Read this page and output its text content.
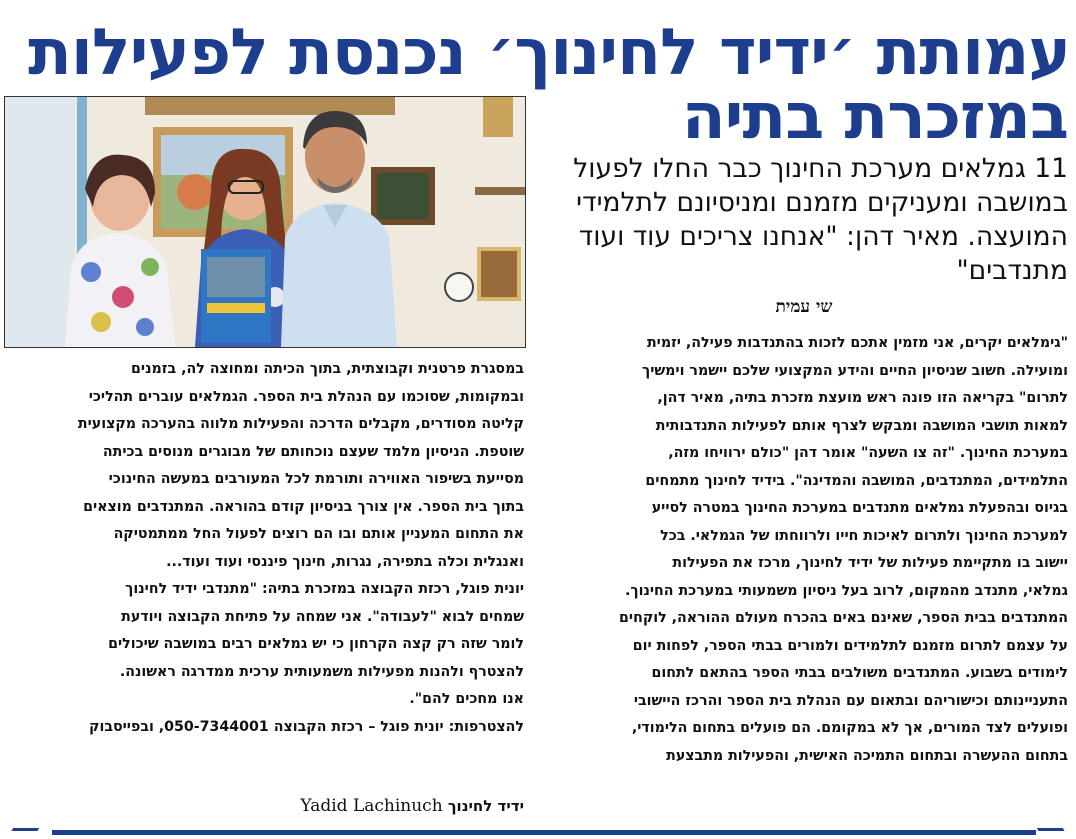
עמותת ׳ידיד לחינוך׳ נכנסת לפעילות
במזכרת בתיה
11 גמלאים מערכת החינוך כבר החלו לפעול
במושבה ומעניקים מזמנם ומניסיונם לתלמידי
המועצה. מאיר דהן: "אנחנו צריכים עוד ועוד
מתנדבים"
שי עמית
"גימלאים יקרים, אני מזמין אתכם לזכות בהתנדבות פעילה, יזמית
ומועילה. חשוב שניסיון החיים והידע המקצועי שלכם יישמר וימשיך
לתרום" בקריאה הזו פונה ראש מועצת מזכרת בתיה, מאיר דהן,
למאות תושבי המושבה ומבקש לצרף אותם לפעילות התנדבותית
במערכת החינוך. "זה צו השעה" אומר דהן "כולם ירוויחו מזה,
התלמידים, המתנדבים, המושבה והמדינה". בידיד לחינוך מתמחים
בגיוס ובהפעלת גמלאים מתנדבים במערכת החינוך במטרה לסייע
למערכת החינוך ולתרום לאיכות חייו ולרווחתו של הגמלאי. בכל
יישוב בו מתקיימת פעילות של ידיד לחינוך, מרכז את הפעילות
גמלאי, מתנדב מהמקום, לרוב בעל ניסיון משמעותי במערכת החינוך.
המתנדבים בבית הספר, שאינם באים בהכרח מעולם ההוראה, לוקחים
על עצמם לתרום מזמנם לתלמידים ולמורים בבתי הספר, לפחות יום
לימודים בשבוע. המתנדבים משולבים בבתי הספר בהתאם לתחום
התעניינותם וכישוריהם ובתאום עם הנהלת בית הספר והרכז היישובי
ופועלים לצד המורים, אך לא במקומם. הם פועלים בתחום הלימודי,
בתחום ההעשרה ובתחום התמיכה האישית, והפעילות מתבצעת
במסגרת פרטנית וקבוצתית, בתוך הכיתה ומחוצה לה, בזמנים
ובמקומות, שסוכמו עם הנהלת בית הספר. הגמלאים עוברים תהליכי
קליטה מסודרים, מקבלים הדרכה והפעילות מלווה בהערכה מקצועית
שוטפת. הניסיון מלמד שעצם נוכחותם של מבוגרים מנוסים בכיתה
מסייעת בשיפור האווירה ותורמת לכל המעורבים במעשה החינוכי
בתוך בית הספר. אין צורך בניסיון קודם בהוראה. המתנדבים מוצאים
את התחום המעניין אותם ובו הם רוצים לפעול החל ממתמטיקה
ואנגלית וכלה בתפירה, נגרות, חינוך פיננסי ועוד ועוד...
יונית פוגל, רכזת הקבוצה במזכרת בתיה: "מתנדבי ידיד לחינוך
שמחים לבוא "לעבודה". אני שמחה על פתיחת הקבוצה ויודעת
לומר שזה רק קצה הקרחון כי יש גמלאים רבים במושבה שיכולים
להצטרף ולהנות מפעילות משמעותית ערכית ממדרגה ראשונה.
אנו מחכים להם".
להצטרפות: יונית פוגל – רכזת הקבוצה 050-7344001, ובפייסבוק
ידיד לחינוך Yadid Lachinuch
